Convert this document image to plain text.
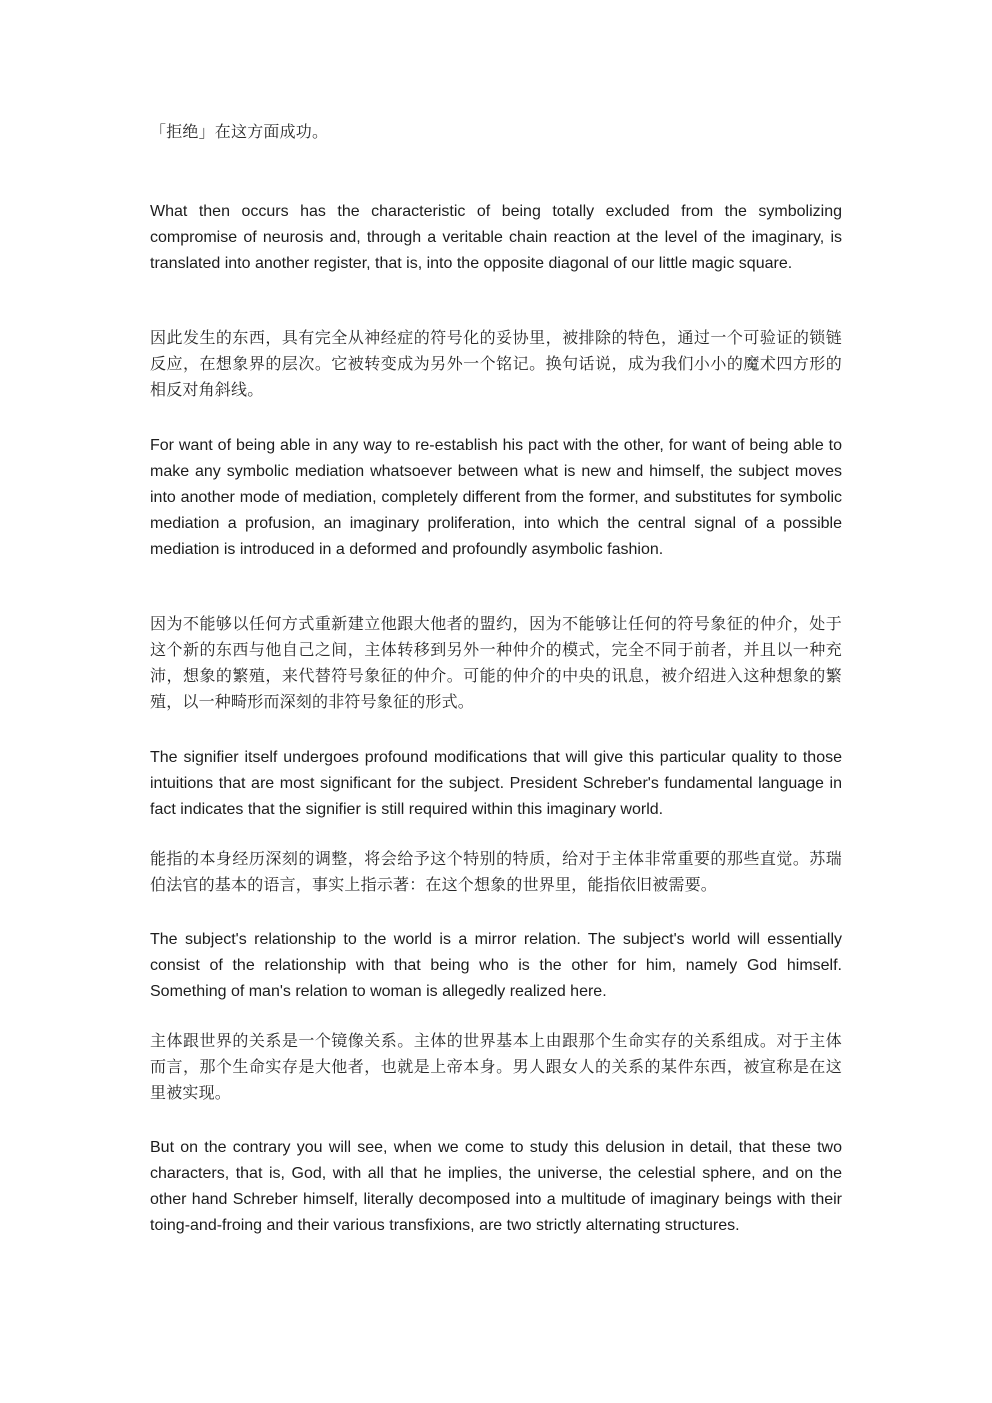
「拒绝」在这方面成功。

What then occurs has the characteristic of being totally excluded from the symbolizing compromise of neurosis and, through a veritable chain reaction at the level of the imaginary, is translated into another register, that is, into the opposite diagonal of our little magic square.

因此发生的东西，具有完全从神经症的符号化的妥协里，被排除的特色，通过一个可验证的锁链反应，在想象界的层次。它被转变成为另外一个铭记。换句话说，成为我们小小的魔术四方形的相反对角斜线。

For want of being able in any way to re-establish his pact with the other, for want of being able to make any symbolic mediation whatsoever between what is new and himself, the subject moves into another mode of mediation, completely different from the former, and substitutes for symbolic mediation a profusion, an imaginary proliferation, into which the central signal of a possible mediation is introduced in a deformed and profoundly asymbolic fashion.

因为不能够以任何方式重新建立他跟大他者的盟约，因为不能够让任何的符号象征的仲介，处于这个新的东西与他自己之间，主体转移到另外一种仲介的模式，完全不同于前者，并且以一种充沛，想象的繁殖，来代替符号象征的仲介。可能的仲介的中央的讯息，被介绍进入这种想象的繁殖，以一种畸形而深刻的非符号象征的形式。

The signifier itself undergoes profound modifications that will give this particular quality to those intuitions that are most significant for the subject. President Schreber's fundamental language in fact indicates that the signifier is still required within this imaginary world.

能指的本身经历深刻的调整，将会给予这个特别的特质，给对于主体非常重要的那些直觉。苏瑞伯法官的基本的语言，事实上指示著：在这个想象的世界里，能指依旧被需要。

The subject's relationship to the world is a mirror relation. The subject's world will essentially consist of the relationship with that being who is the other for him, namely God himself. Something of man's relation to woman is allegedly realized here.

主体跟世界的关系是一个镜像关系。主体的世界基本上由跟那个生命实存的关系组成。对于主体而言，那个生命实存是大他者，也就是上帝本身。男人跟女人的关系的某件东西，被宣称是在这里被实现。

But on the contrary you will see, when we come to study this delusion in detail, that these two characters, that is, God, with all that he implies, the universe, the celestial sphere, and on the other hand Schreber himself, literally decomposed into a multitude of imaginary beings with their toing-and-froing and their various transfixions, are two strictly alternating structures.
